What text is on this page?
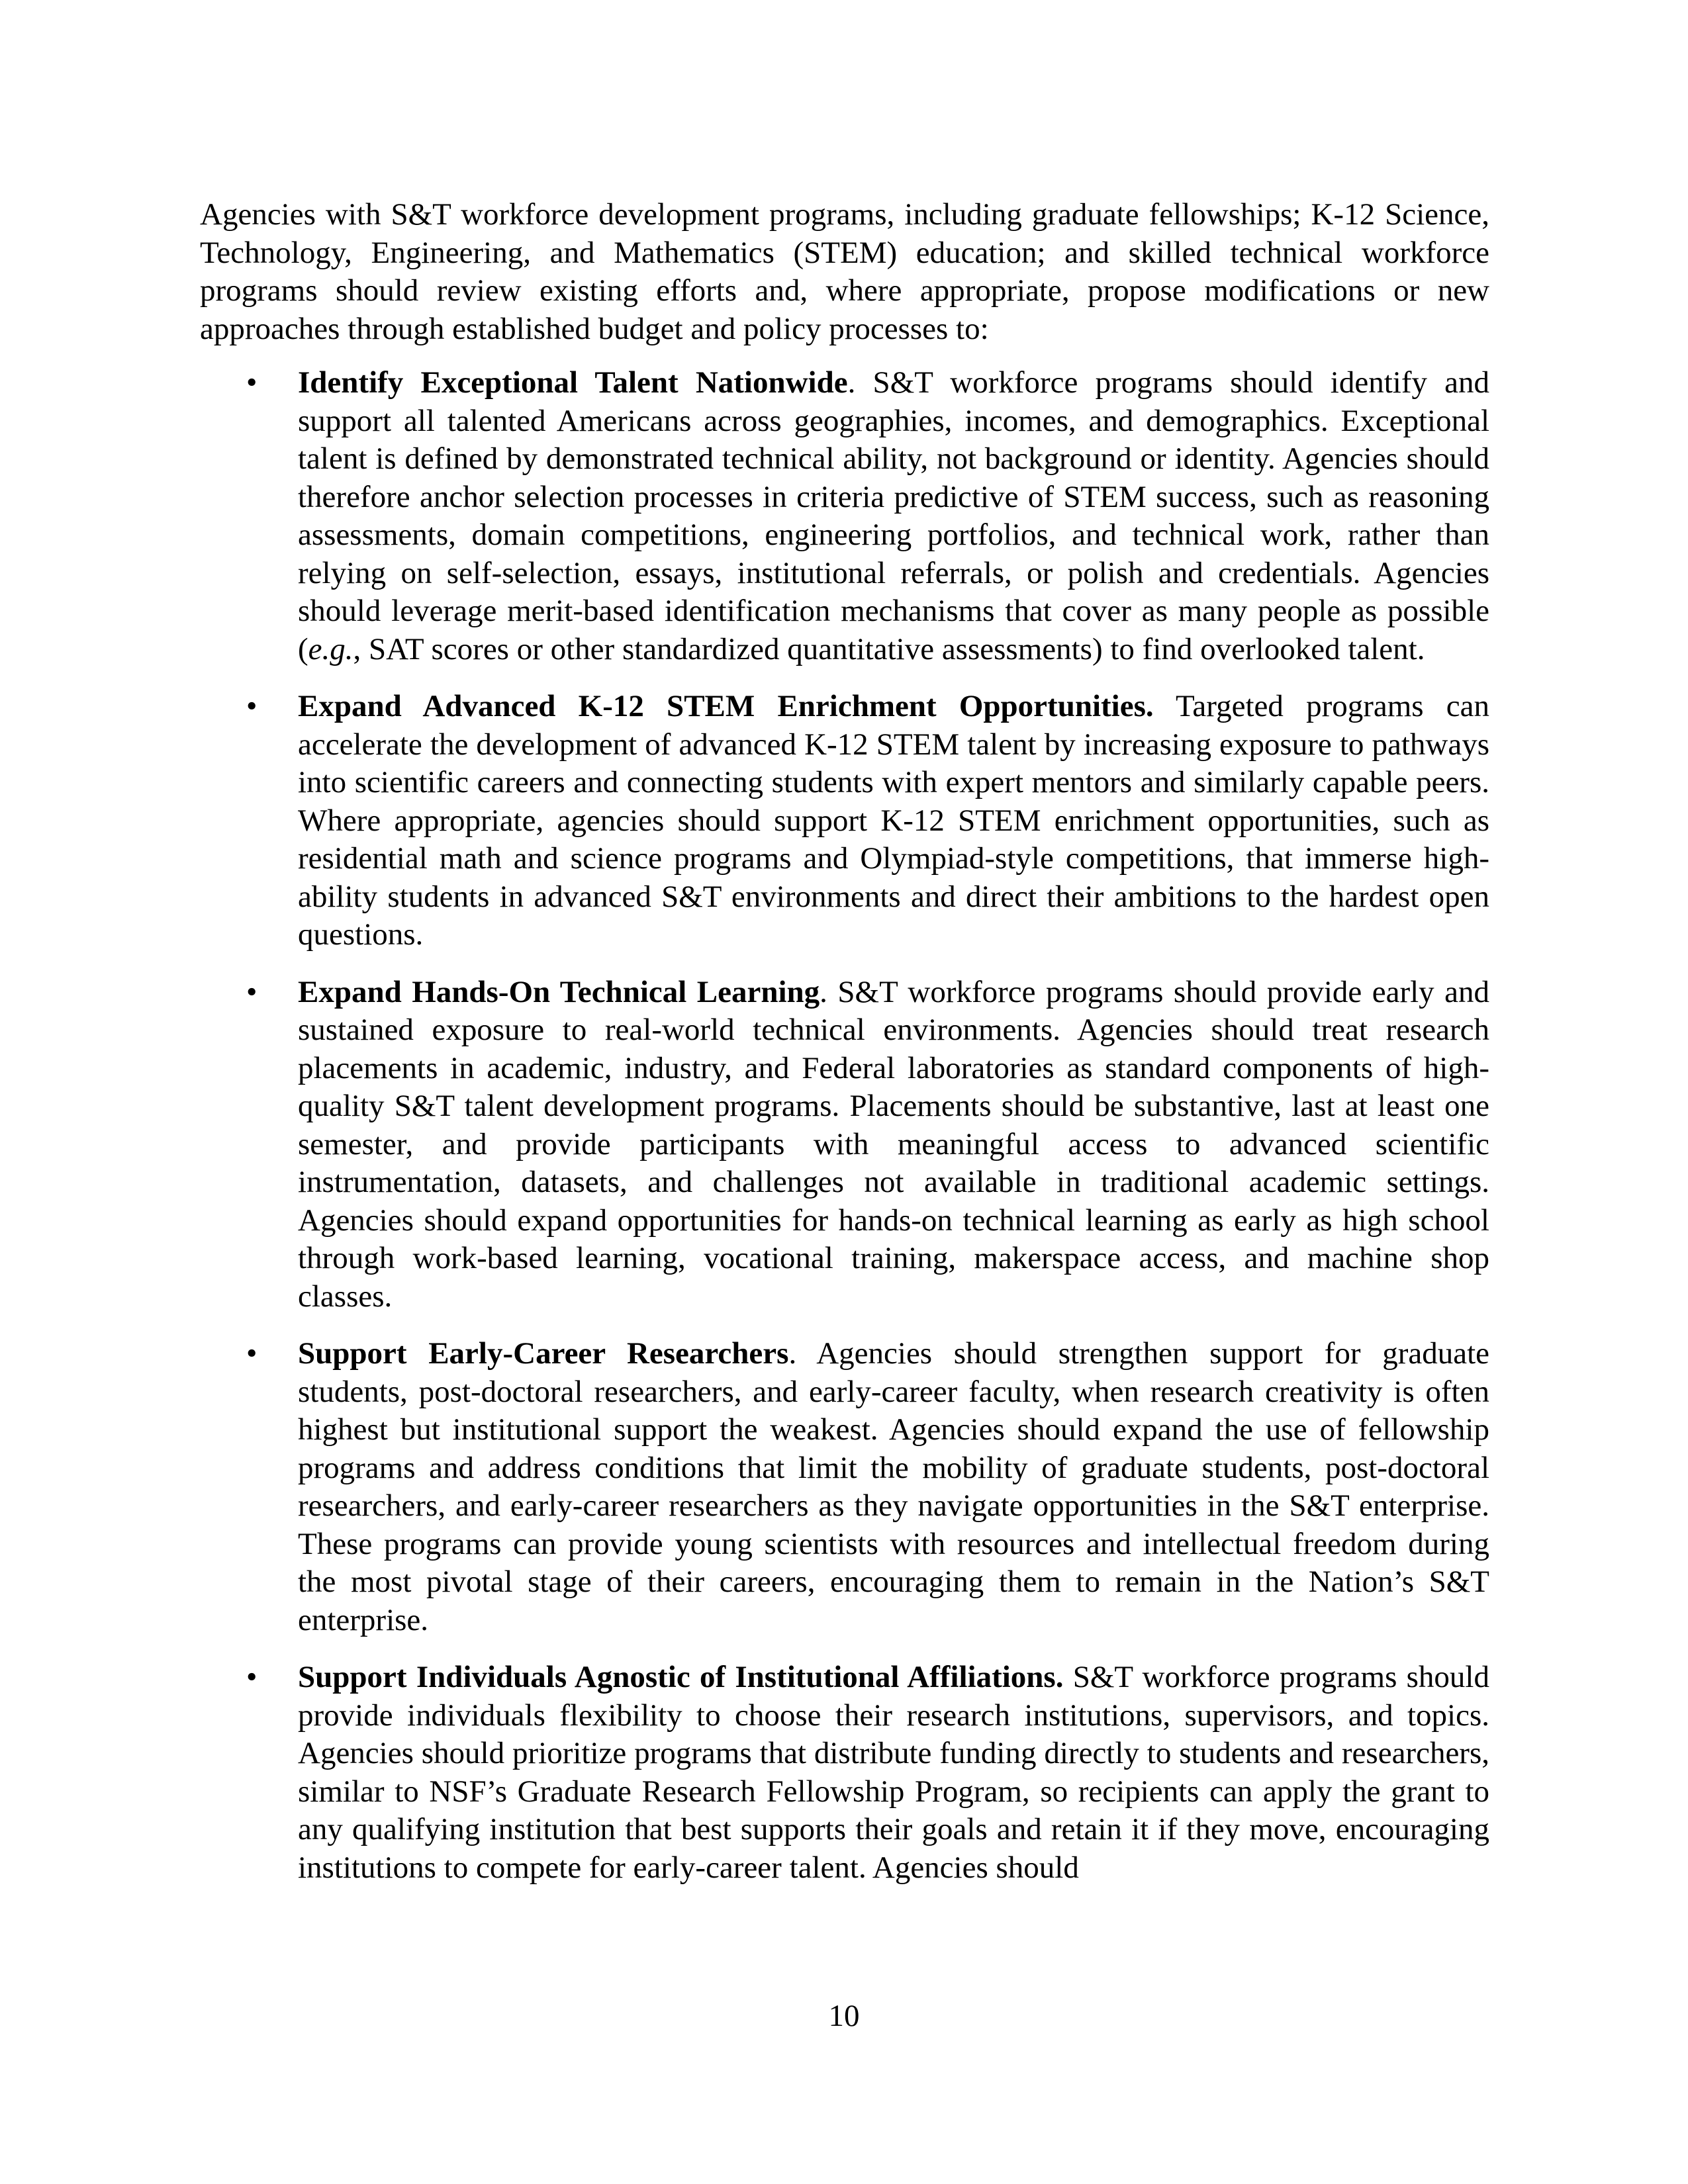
Agencies with S&T workforce development programs, including graduate fellowships; K-12 Science, Technology, Engineering, and Mathematics (STEM) education; and skilled technical workforce programs should review existing efforts and, where appropriate, propose modifications or new approaches through established budget and policy processes to:

• Identify Exceptional Talent Nationwide. S&T workforce programs should identify and support all talented Americans across geographies, incomes, and demographics. Exceptional talent is defined by demonstrated technical ability, not background or identity. Agencies should therefore anchor selection processes in criteria predictive of STEM success, such as reasoning assessments, domain competitions, engineering portfolios, and technical work, rather than relying on self-selection, essays, institutional referrals, or polish and credentials. Agencies should leverage merit-based identification mechanisms that cover as many people as possible (e.g., SAT scores or other standardized quantitative assessments) to find overlooked talent.
• Expand Advanced K-12 STEM Enrichment Opportunities. Targeted programs can accelerate the development of advanced K-12 STEM talent by increasing exposure to pathways into scientific careers and connecting students with expert mentors and similarly capable peers. Where appropriate, agencies should support K-12 STEM enrichment opportunities, such as residential math and science programs and Olympiad-style competitions, that immerse high-ability students in advanced S&T environments and direct their ambitions to the hardest open questions.
• Expand Hands-On Technical Learning. S&T workforce programs should provide early and sustained exposure to real-world technical environments. Agencies should treat research placements in academic, industry, and Federal laboratories as standard components of high-quality S&T talent development programs. Placements should be substantive, last at least one semester, and provide participants with meaningful access to advanced scientific instrumentation, datasets, and challenges not available in traditional academic settings. Agencies should expand opportunities for hands-on technical learning as early as high school through work-based learning, vocational training, makerspace access, and machine shop classes.
• Support Early-Career Researchers. Agencies should strengthen support for graduate students, post-doctoral researchers, and early-career faculty, when research creativity is often highest but institutional support the weakest. Agencies should expand the use of fellowship programs and address conditions that limit the mobility of graduate students, post-doctoral researchers, and early-career researchers as they navigate opportunities in the S&T enterprise. These programs can provide young scientists with resources and intellectual freedom during the most pivotal stage of their careers, encouraging them to remain in the Nation’s S&T enterprise.
• Support Individuals Agnostic of Institutional Affiliations. S&T workforce programs should provide individuals flexibility to choose their research institutions, supervisors, and topics. Agencies should prioritize programs that distribute funding directly to students and researchers, similar to NSF’s Graduate Research Fellowship Program, so recipients can apply the grant to any qualifying institution that best supports their goals and retain it if they move, encouraging institutions to compete for early-career talent. Agencies should
10
